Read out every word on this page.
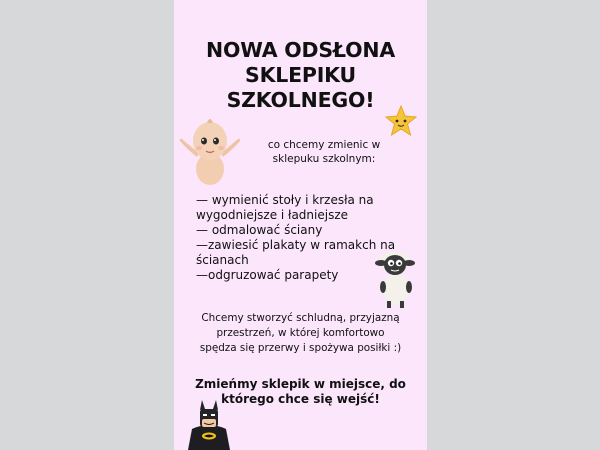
NOWA ODSŁONA
SKLEPIKU
SZKOLNEGO!
co chcemy zmienic w
sklepuku szkolnym:
— wymienić stoły i krzesła na
wygodniejsze i ładniejsze
— odmalować ściany
—zawiesić plakaty w ramakch na
ścianach
—odgruzować parapety
Chcemy stworzyć schludną, przyjazną
przestrzeń, w której komfortowo
spędza się przerwy i spożywa posiłki :)
Zmieńmy sklepik w miejsce, do
którego chce się wejść!
